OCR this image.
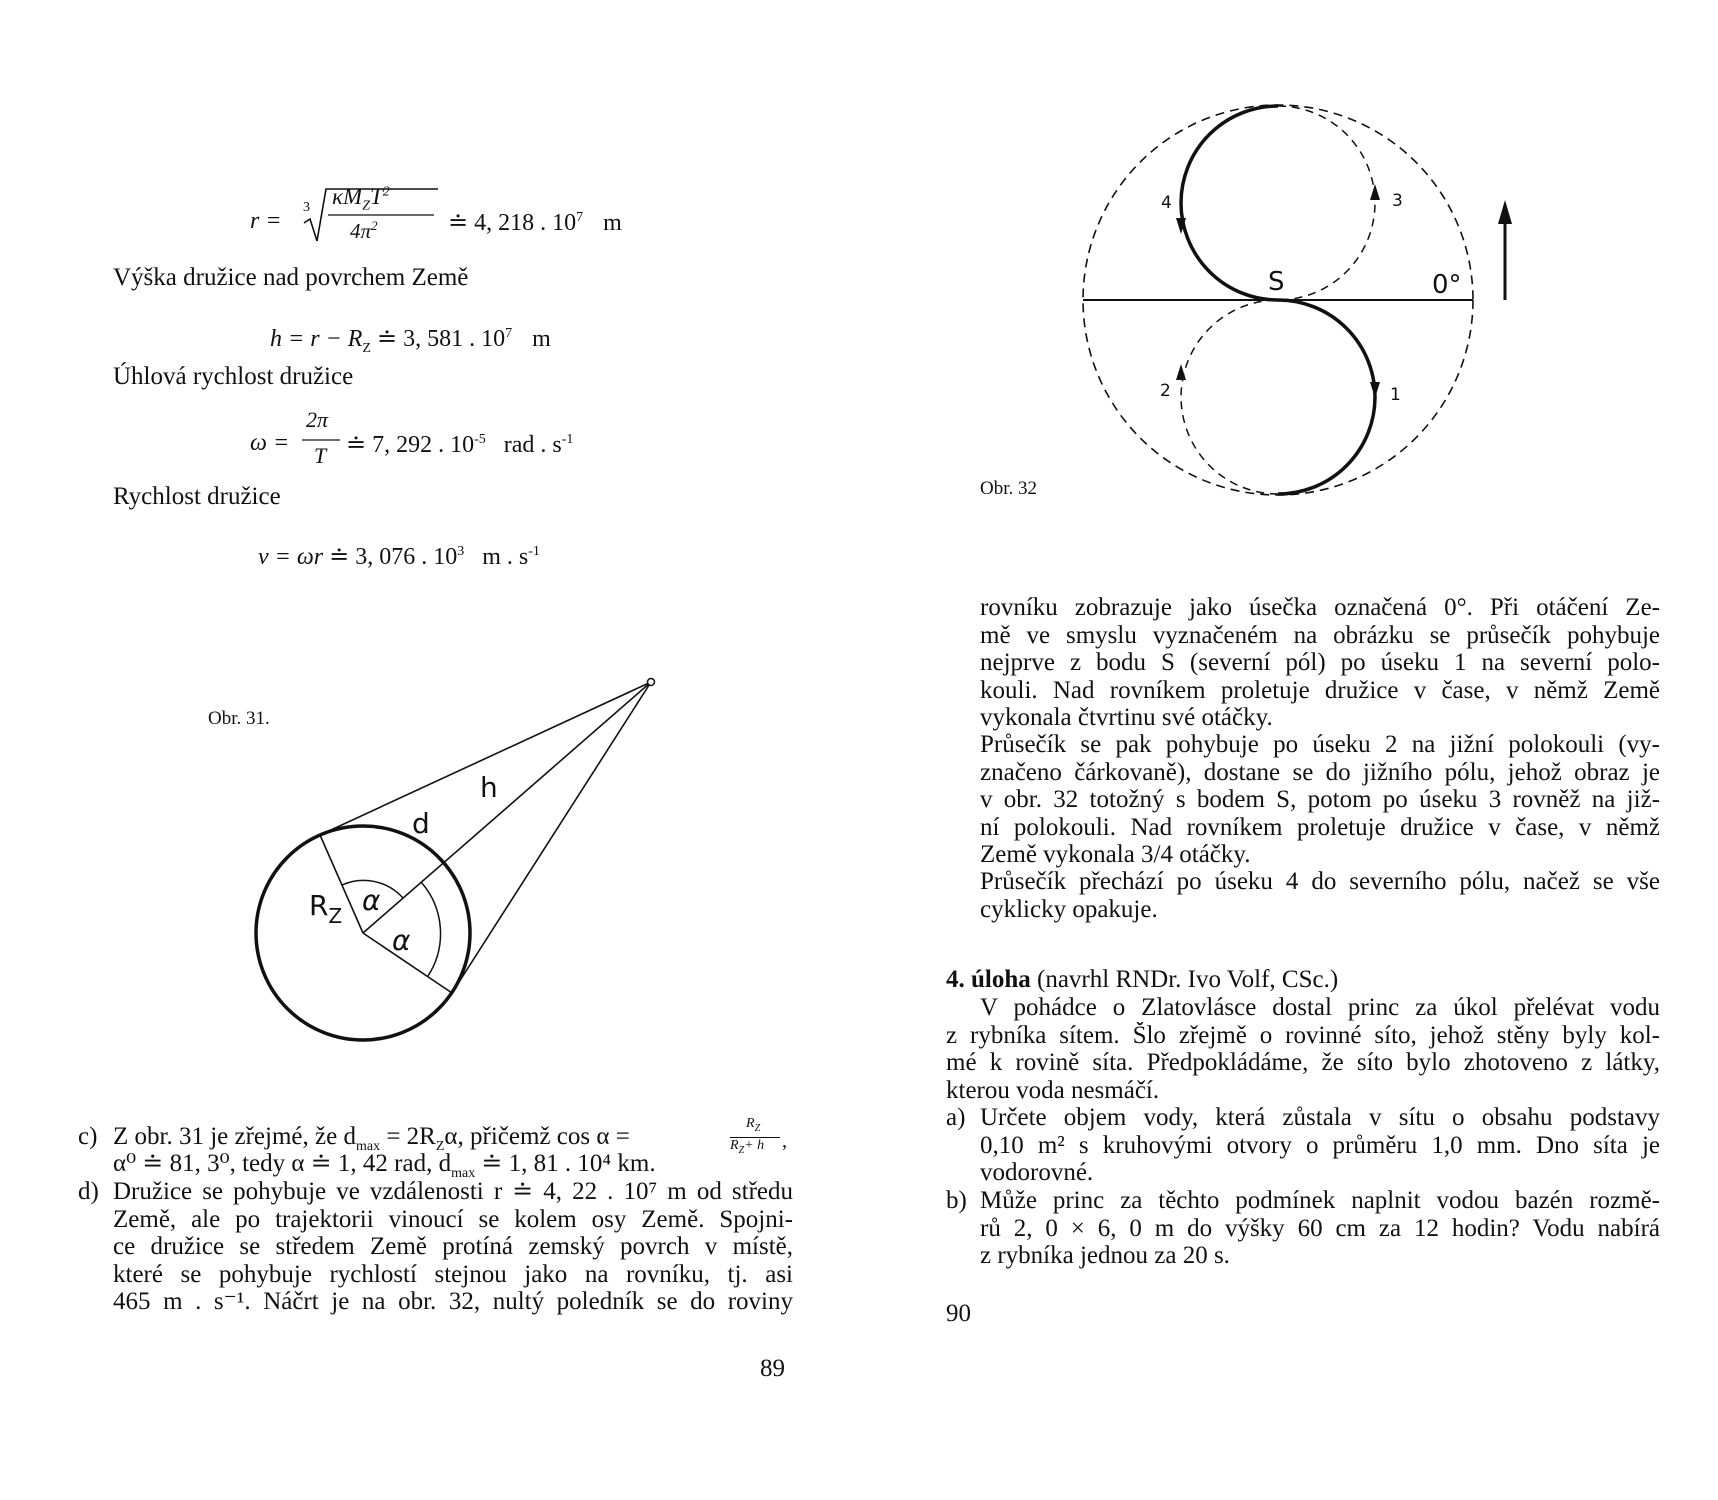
r =
3 $\kappa M_ZT^2$
$4\pi^2$	≐ 4, 218 . $10^7$ m
Výška družice nad povrchem Země
$h = r - R_Z$ ≐ 3, 581 . $10^7$ m
Úhlová rychlost družice
ω =
2π
T ≐ 7, 292 . $10^{-5}$ rad . $s^{-1}$
Rychlost družice
v = ωr ≐ 3, 076 . $10^3$ m . $s^{-1}$
Obr. 31.
d
h
$R_Z$ α
α
c) Z obr. 31 je zřejmé, že $d_{max} = 2R_Z\alpha$, přičemž cos α =	$R_Z$
$R_Z+ h$ ,
α⁰ ≐ 81, 3⁰, tedy α ≐ 1, 42 rad, $d_{max}$ ≐ 1, 81 . 10⁴ km.
d) Družice se pohybuje ve vzdálenosti r ≐ 4, 22 . 10⁷ m od středu
Země, ale po trajektorii vinoucí se kolem osy Země. Spojni-
ce družice se středem Země protíná zemský povrch v místě,
které se pohybuje rychlostí stejnou jako na rovníku, tj. asi
465 m . s⁻¹. Náčrt je na obr. 32, nultý poledník se do roviny
89
Obr. 32
S	0°
1
2
3
4
rovníku zobrazuje jako úsečka označená 0°. Při otáčení Ze-
mě ve smyslu vyznačeném na obrázku se průsečík pohybuje
nejprve z bodu S (severní pól) po úseku 1 na severní polo-
kouli. Nad rovníkem proletuje družice v čase, v němž Země
vykonala čtvrtinu své otáčky.
Průsečík se pak pohybuje po úseku 2 na jižní polokouli (vy-
značeno čárkovaně), dostane se do jižního pólu, jehož obraz je
v obr. 32 totožný s bodem S, potom po úseku 3 rovněž na již-
ní polokouli. Nad rovníkem proletuje družice v čase, v němž
Země vykonala 3/4 otáčky.
Průsečík přechází po úseku 4 do severního pólu, načež se vše
cyklicky opakuje.
4. úloha (navrhl RNDr. Ivo Volf, CSc.)
V pohádce o Zlatovlásce dostal princ za úkol přelévat vodu
z rybníka sítem. Šlo zřejmě o rovinné síto, jehož stěny byly kol-
mé k rovině síta. Předpokládáme, že síto bylo zhotoveno z látky,
kterou voda nesmáčí.
a) Určete objem vody, která zůstala v sítu o obsahu podstavy
0,10 m² s kruhovými otvory o průměru 1,0 mm. Dno síta je
vodorovné.
b) Může princ za těchto podmínek naplnit vodou bazén rozmě-
rů 2, 0 × 6, 0 m do výšky 60 cm za 12 hodin? Vodu nabírá
z rybníka jednou za 20 s.
90
